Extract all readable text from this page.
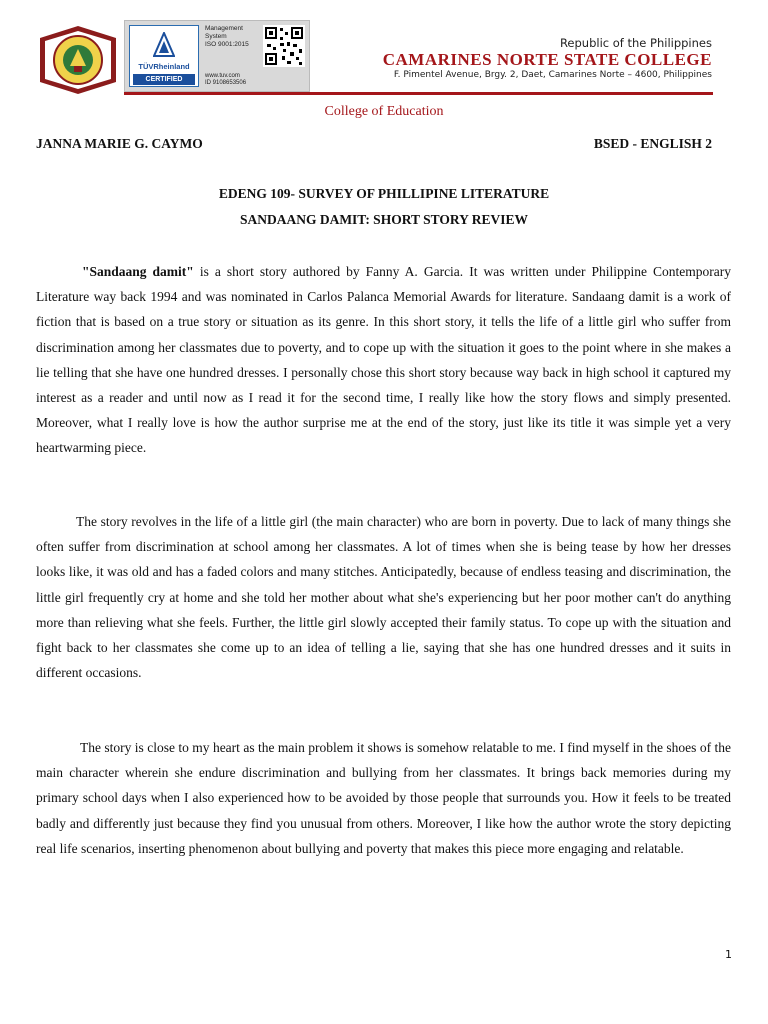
TÜVRheinland
CERTIFIED
Management
System
ISO 9001:2015
www.tuv.com
ID 9108653506
Republic of the Philippines
CAMARINES NORTE STATE COLLEGE
F. Pimentel Avenue, Brgy. 2, Daet, Camarines Norte – 4600, Philippines
College of Education
JANNA MARIE G. CAYMO	BSED - ENGLISH 2
EDENG 109- SURVEY OF PHILLIPINE LITERATURE
SANDAANG DAMIT: SHORT STORY REVIEW

"Sandaang damit" is a short story authored by Fanny A. Garcia. It was written under Philippine Contemporary Literature way back 1994 and was nominated in Carlos Palanca Memorial Awards for literature. Sandaang damit is a work of fiction that is based on a true story or situation as its genre. In this short story, it tells the life of a little girl who suffer from discrimination among her classmates due to poverty, and to cope up with the situation it goes to the point where in she makes a lie telling that she have one hundred dresses. I personally chose this short story because way back in high school it captured my interest as a reader and until now as I read it for the second time, I really like how the story flows and simply presented. Moreover, what I really love is how the author surprise me at the end of the story, just like its title it was simple yet a very heartwarming piece.

The story revolves in the life of a little girl (the main character) who are born in poverty. Due to lack of many things she often suffer from discrimination at school among her classmates. A lot of times when she is being tease by how her dresses looks like, it was old and has a faded colors and many stitches. Anticipatedly, because of endless teasing and discrimination, the little girl frequently cry at home and she told her mother about what she's experiencing but her poor mother can't do anything more than relieving what she feels. Further, the little girl slowly accepted their family status. To cope up with the situation and fight back to her classmates she come up to an idea of telling a lie, saying that she has one hundred dresses and it suits in different occasions.

The story is close to my heart as the main problem it shows is somehow relatable to me. I find myself in the shoes of the main character wherein she endure discrimination and bullying from her classmates. It brings back memories during my primary school days when I also experienced how to be avoided by those people that surrounds you. How it feels to be treated badly and differently just because they find you unusual from others. Moreover, I like how the author wrote the story depicting real life scenarios, inserting phenomenon about bullying and poverty that makes this piece more engaging and relatable.

1
